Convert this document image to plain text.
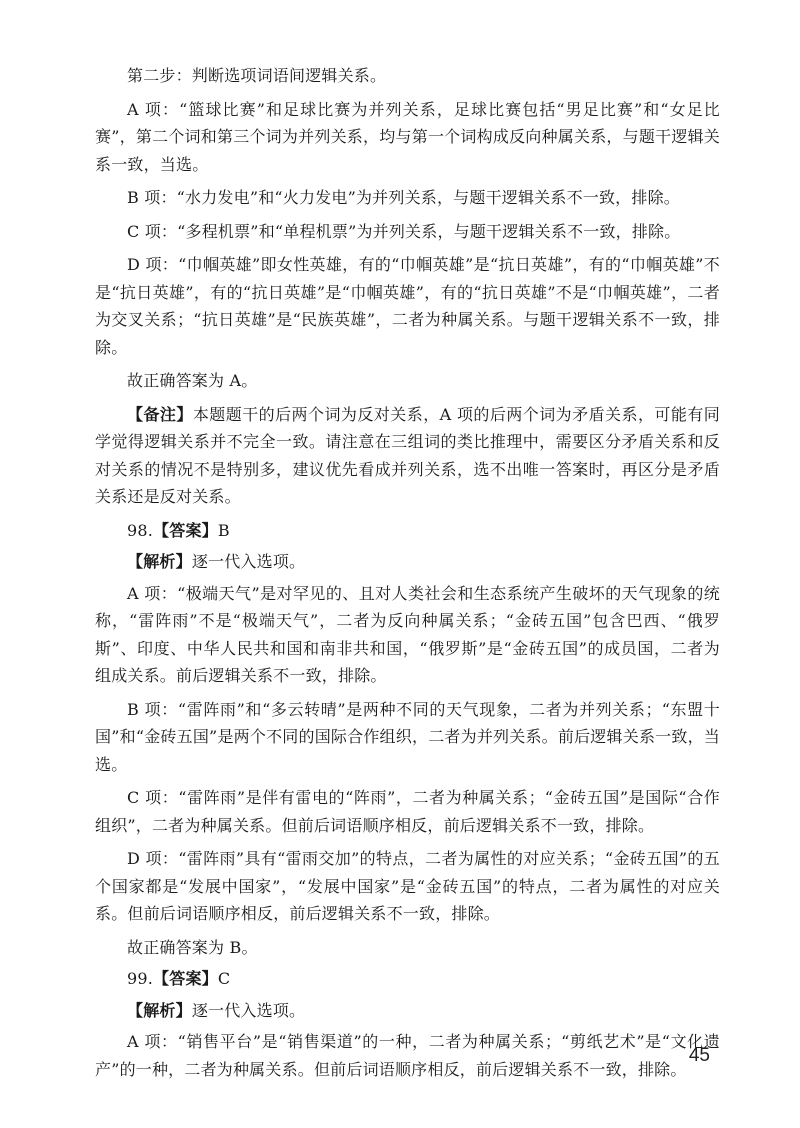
第二步：判断选项词语间逻辑关系。

A 项：“篮球比赛”和足球比赛为并列关系，足球比赛包括“男足比赛”和“女足比赛”，第二个词和第三个词为并列关系，均与第一个词构成反向种属关系，与题干逻辑关系一致，当选。

B 项：“水力发电”和“火力发电”为并列关系，与题干逻辑关系不一致，排除。

C 项：“多程机票”和“单程机票”为并列关系，与题干逻辑关系不一致，排除。

D 项：“巾帼英雄”即女性英雄，有的“巾帼英雄”是“抗日英雄”，有的“巾帼英雄”不是“抗日英雄”，有的“抗日英雄”是“巾帼英雄”，有的“抗日英雄”不是“巾帼英雄”，二者为交叉关系；“抗日英雄”是“民族英雄”，二者为种属关系。与题干逻辑关系不一致，排除。

故正确答案为 A。

【备注】本题题干的后两个词为反对关系，A 项的后两个词为矛盾关系，可能有同学觉得逻辑关系并不完全一致。请注意在三组词的类比推理中，需要区分矛盾关系和反对关系的情况不是特别多，建议优先看成并列关系，选不出唯一答案时，再区分是矛盾关系还是反对关系。

98.【答案】B

【解析】逐一代入选项。

A 项：“极端天气”是对罕见的、且对人类社会和生态系统产生破坏的天气现象的统称，“雷阵雨”不是“极端天气”，二者为反向种属关系；“金砖五国”包含巴西、“俄罗斯”、印度、中华人民共和国和南非共和国，“俄罗斯”是“金砖五国”的成员国，二者为组成关系。前后逻辑关系不一致，排除。

B 项：“雷阵雨”和“多云转晴”是两种不同的天气现象，二者为并列关系；“东盟十国”和“金砖五国”是两个不同的国际合作组织，二者为并列关系。前后逻辑关系一致，当选。

C 项：“雷阵雨”是伴有雷电的“阵雨”，二者为种属关系；“金砖五国”是国际“合作组织”，二者为种属关系。但前后词语顺序相反，前后逻辑关系不一致，排除。

D 项：“雷阵雨”具有“雷雨交加”的特点，二者为属性的对应关系；“金砖五国”的五个国家都是“发展中国家”，“发展中国家”是“金砖五国”的特点，二者为属性的对应关系。但前后词语顺序相反，前后逻辑关系不一致，排除。

故正确答案为 B。

99.【答案】C

【解析】逐一代入选项。

A 项：“销售平台”是“销售渠道”的一种，二者为种属关系；“剪纸艺术”是“文化遗产”的一种，二者为种属关系。但前后词语顺序相反，前后逻辑关系不一致，排除。

45
